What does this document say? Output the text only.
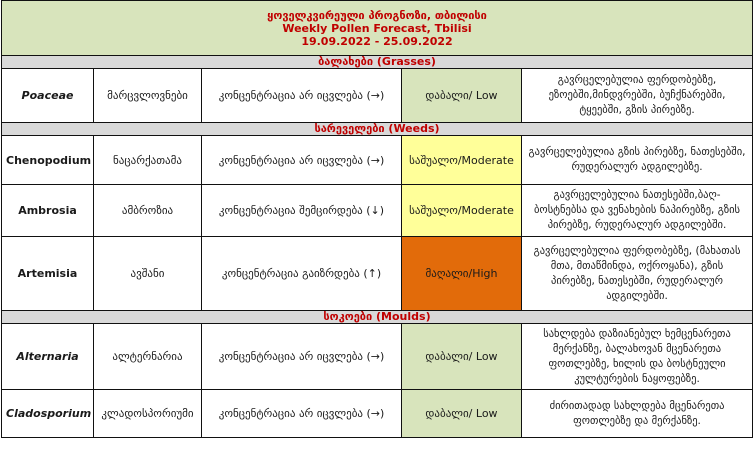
ყოველკვირეული პროგნოზი, თბილისი
Weekly Pollen Forecast, Tbilisi
19.09.2022 - 25.09.2022				

ბალახები (Grasses)				
Poaceae	მარცვლოვნები	კონცენტრაცია არ იცვლება (→)	დაბალი/ Low	გავრცელებულია ფერდობებზე, ეზოებში,მინდვრებში, ბუჩქნარებში, ტყეებში, გზის პირებზე.
სარეველები (Weeds)				
Chenopodium	ნაცარქათამა	კონცენტრაცია არ იცვლება (→)	საშუალო/Moderate	გავრცელებულია გზის პირებზე, ნათესებში, რუდერალურ ადგილებზე.
Ambrosia	ამბროზია	კონცენტრაცია შემცირდება (↓)	საშუალო/Moderate	გავრცელებულია ნათესებში,ბაღ-ბოსტნებსა და ვენახების ნაპირებზე, გზის პირებზე, რუდერალურ ადგილებში.
Artemisia	ავშანი	კონცენტრაცია გაიზრდება (↑)	მაღალი/High	გავრცელებულია ფერდობებზე, (მახათას მთა, მთაწმინდა, ოქროყანა), გზის პირებზე, ნათესებში, რუდერალურ ადგილებში.
სოკოები (Moulds)				
Alternaria	ალტერნარია	კონცენტრაცია არ იცვლება (→)	დაბალი/ Low	სახლდება დაზიანებულ ხემცენარეთა მერქანზე, ბალახოვან მცენარეთა ფოთლებზე, ხილის და ბოსტნეული კულტურების ნაყოფებზე.
Cladosporium	კლადოსპორიუმი	კონცენტრაცია არ იცვლება (→)	დაბალი/ Low	ძირითადად სახლდება მცენარეთა ფოთლებზე და მერქანზე.
